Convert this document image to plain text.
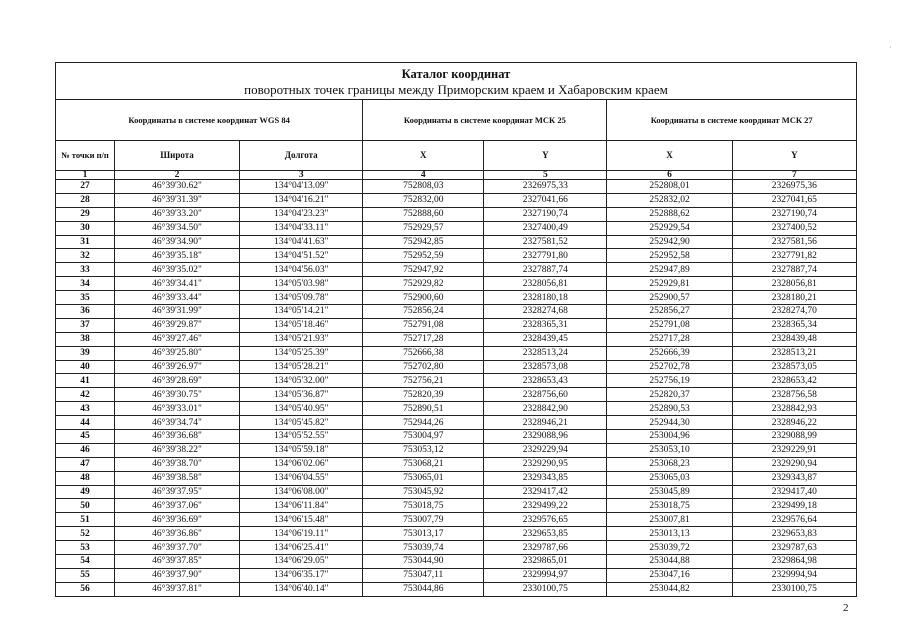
Каталог координат
поворотных точек границы между Приморским краем и Хабаровским краем						

Координаты в системе координат WGS 84			Координаты в системе координат МСК 25		Координаты в системе координат МСК 27	
№ точки п/п	Широта	Долгота	X	Y	X	Y
1	2	3	4	5	6	7
27	46°39'30.62"	134°04'13.09"	752808,03	2326975,33	252808,01	2326975,36
28	46°39'31.39"	134°04'16.21"	752832,00	2327041,66	252832,02	2327041,65
29	46°39'33.20"	134°04'23.23"	752888,60	2327190,74	252888,62	2327190,74
30	46°39'34.50"	134°04'33.11"	752929,57	2327400,49	252929,54	2327400,52
31	46°39'34.90"	134°04'41.63"	752942,85	2327581,52	252942,90	2327581,56
32	46°39'35.18"	134°04'51.52"	752952,59	2327791,80	252952,58	2327791,82
33	46°39'35.02"	134°04'56.03"	752947,92	2327887,74	252947,89	2327887,74
34	46°39'34.41"	134°05'03.98"	752929,82	2328056,81	252929,81	2328056,81
35	46°39'33.44"	134°05'09.78"	752900,60	2328180,18	252900,57	2328180,21
36	46°39'31.99"	134°05'14.21"	752856,24	2328274,68	252856,27	2328274,70
37	46°39'29.87"	134°05'18.46"	752791,08	2328365,31	252791,08	2328365,34
38	46°39'27.46"	134°05'21.93"	752717,28	2328439,45	252717,28	2328439,48
39	46°39'25.80"	134°05'25.39"	752666,38	2328513,24	252666,39	2328513,21
40	46°39'26.97"	134°05'28.21"	752702,80	2328573,08	252702,78	2328573,05
41	46°39'28.69"	134°05'32.00"	752756,21	2328653,43	252756,19	2328653,42
42	46°39'30.75"	134°05'36.87"	752820,39	2328756,60	252820,37	2328756,58
43	46°39'33.01"	134°05'40.95"	752890,51	2328842,90	252890,53	2328842,93
44	46°39'34.74"	134°05'45.82"	752944,26	2328946,21	252944,30	2328946,22
45	46°39'36.68"	134°05'52.55"	753004,97	2329088,96	253004,96	2329088,99
46	46°39'38.22"	134°05'59.18"	753053,12	2329229,94	253053,10	2329229,91
47	46°39'38.70"	134°06'02.06"	753068,21	2329290,95	253068,23	2329290,94
48	46°39'38.58"	134°06'04.55"	753065,01	2329343,85	253065,03	2329343,87
49	46°39'37.95"	134°06'08.00"	753045,92	2329417,42	253045,89	2329417,40
50	46°39'37.06"	134°06'11.84"	753018,75	2329499,22	253018,75	2329499,18
51	46°39'36.69"	134°06'15.48"	753007,79	2329576,65	253007,81	2329576,64
52	46°39'36.86"	134°06'19.11"	753013,17	2329653,85	253013,13	2329653,83
53	46°39'37.70"	134°06'25.41"	753039,74	2329787,66	253039,72	2329787,63
54	46°39'37.85"	134°06'29.05"	753044,90	2329865,01	253044,88	2329864,98
55	46°39'37.90"	134°06'35.17"	753047,11	2329994,97	253047,16	2329994,94
56	46°39'37.81"	134°06'40.14"	753044,86	2330100,75	253044,82	2330100,75
2
·
